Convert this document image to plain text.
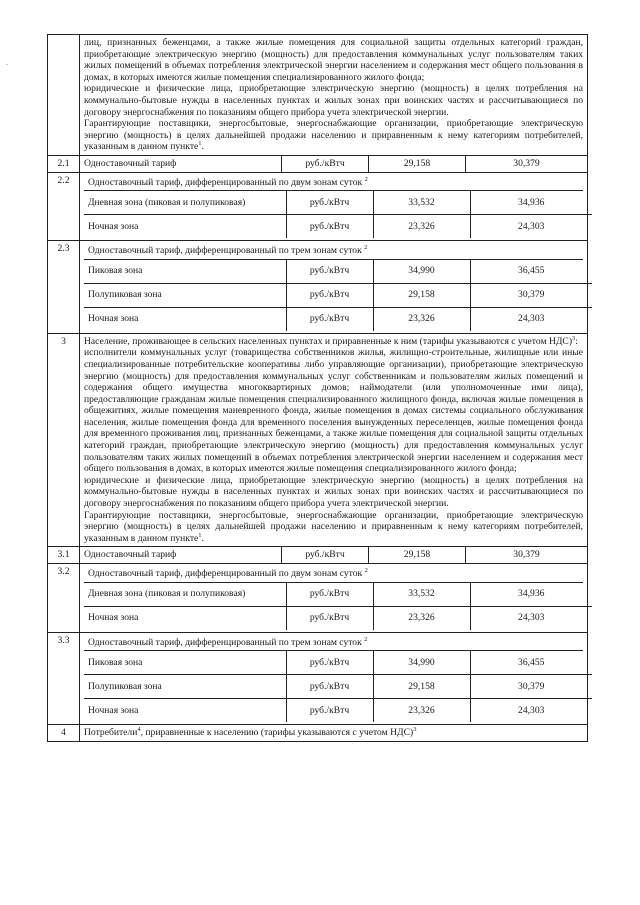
.

лиц, признанных беженцами, а также жилые помещения для социальной защиты отдельных категорий граждан, приобретающие электрическую энергию (мощность) для предоставления коммунальных услуг пользователям таких жилых помещений в объемах потребления электрической энергии населением и содержания мест общего пользования в домах, в которых имеются жилые помещения специализированного жилого фонда;

юридические и физические лица, приобретающие электрическую энергию (мощность) в целях потребления на коммунально-бытовые нужды в населенных пунктах и жилых зонах при воинских частях и рассчитывающиеся по договору энергоснабжения по показаниям общего прибора учета электрической энергии.

Гарантирующие поставщики, энергосбытовые, энергоснабжающие организации, приобретающие электрическую энергию (мощность) в целях дальнейшей продажи населению и приравненным к нему категориям потребителей, указанным в данном пункте$^1$.

2.1	Одноставочный тариф	руб./кВтч	29,158	30,379
2.2	Одноставочный тариф, дифференцированный по двум зонам суток $^2$
Дневная зона (пиковая и полупиковая)	руб./кВтч	33,532	34,936
Ночная зона	руб./кВтч	23,326	24,303

2.3	Одноставочный тариф, дифференцированный по трем зонам суток $^2$
Пиковая зона	руб./кВтч	34,990	36,455
Полупиковая зона	руб./кВтч	29,158	30,379
Ночная зона	руб./кВтч	23,326	24,303

3	Население, проживающее в сельских населенных пунктах и приравненные к ним (тарифы указываются с учетом НДС)$^3$:

исполнители коммунальных услуг (товарищества собственников жилья, жилищно-строительные, жилищные или иные специализированные потребительские кооперативы либо управляющие организации), приобретающие электрическую энергию (мощность) для предоставления коммунальных услуг собственникам и пользователям жилых помещений и содержания общего имущества многоквартирных домов; наймодатели (или уполномоченные ими лица), предоставляющие гражданам жилые помещения специализированного жилищного фонда, включая жилые помещения в общежитиях, жилые помещения маневренного фонда, жилые помещения в домах системы социального обслуживания населения, жилые помещения фонда для временного поселения вынужденных переселенцев, жилые помещения фонда для временного проживания лиц, признанных беженцами, а также жилые помещения для социальной защиты отдельных категорий граждан, приобретающие электрическую энергию (мощность) для предоставления коммунальных услуг пользователям таких жилых помещений в объемах потребления электрической энергии населением и содержания мест общего пользования в домах, в которых имеются жилые помещения специализированного жилого фонда;

юридические и физические лица, приобретающие электрическую энергию (мощность) в целях потребления на коммунально-бытовые нужды в населенных пунктах и жилых зонах при воинских частях и рассчитывающиеся по договору энергоснабжения по показаниям общего прибора учета электрической энергии.

Гарантирующие поставщики, энергосбытовые, энергоснабжающие организации, приобретающие электрическую энергию (мощность) в целях дальнейшей продажи населению и приравненным к нему категориям потребителей, указанным в данном пункте$^1$.

3.1	Одноставочный тариф	руб./кВтч	29,158	30,379
3.2	Одноставочный тариф, дифференцированный по двум зонам суток $^2$
Дневная зона (пиковая и полупиковая)	руб./кВтч	33,532	34,936
Ночная зона	руб./кВтч	23,326	24,303

3.3	Одноставочный тариф, дифференцированный по трем зонам суток $^2$
Пиковая зона	руб./кВтч	34,990	36,455
Полупиковая зона	руб./кВтч	29,158	30,379
Ночная зона	руб./кВтч	23,326	24,303

4	Потребители$^4$, приравненные к населению (тарифы указываются с учетом НДС)$^3$
